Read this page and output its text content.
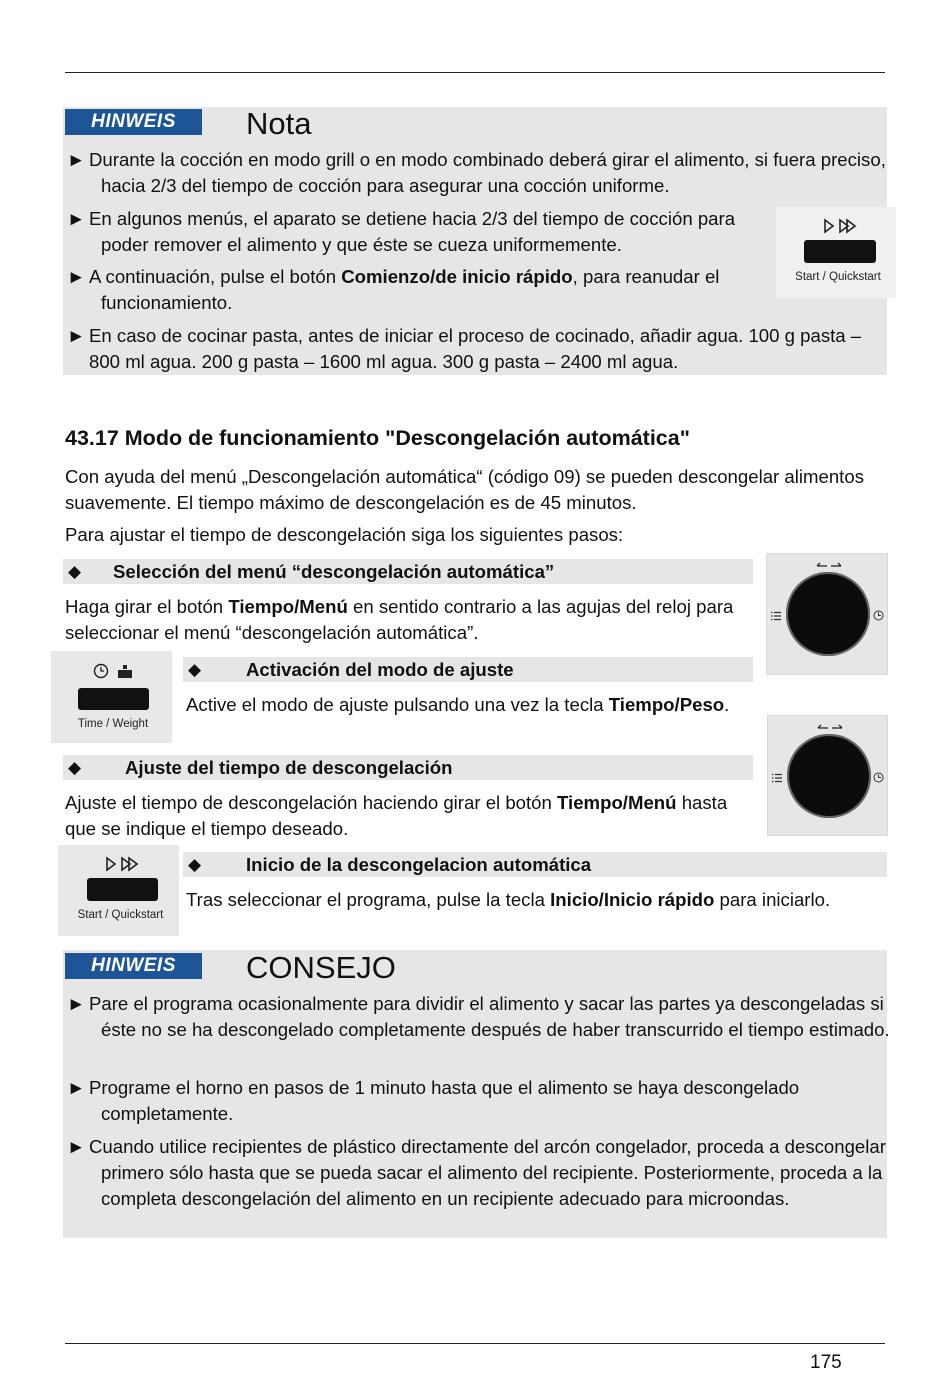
HINWEIS	Nota
► Durante la cocción en modo grill o en modo combinado deberá girar el alimento, si fuera preciso, hacia 2/3 del tiempo de cocción para asegurar una cocción uniforme.
► En algunos menús, el aparato se detiene hacia 2/3 del tiempo de cocción para poder remover el alimento y que éste se cueza uniformemente.
► A continuación, pulse el botón Comienzo/de inicio rápido, para reanudar el funcionamiento.
► En caso de cocinar pasta, antes de iniciar el proceso de cocinado, añadir agua. 100 g pasta – 800 ml agua. 200 g pasta – 1600 ml agua. 300 g pasta – 2400 ml agua.
Start / Quickstart
43.17 Modo de funcionamiento "Descongelación automática"
Con ayuda del menú „Descongelación automática“ (código 09) se pueden descongelar alimentos suavemente. El tiempo máximo de descongelación es de 45 minutos.
Para ajustar el tiempo de descongelación siga los siguientes pasos:
◆ Selección del menú “descongelación automática”
Haga girar el botón Tiempo/Menú en sentido contrario a las agujas del reloj para seleccionar el menú “descongelación automática”.
Time / Weight
◆ Activación del modo de ajuste
Active el modo de ajuste pulsando una vez la tecla Tiempo/Peso.
◆ Ajuste del tiempo de descongelación
Ajuste el tiempo de descongelación haciendo girar el botón Tiempo/Menú hasta que se indique el tiempo deseado.
Start / Quickstart
◆ Inicio de la descongelacion automática
Tras seleccionar el programa, pulse la tecla Inicio/Inicio rápido para iniciarlo.
HINWEIS	CONSEJO
► Pare el programa ocasionalmente para dividir el alimento y sacar las partes ya descongeladas si éste no se ha descongelado completamente después de haber transcurrido el tiempo estimado.
► Programe el horno en pasos de 1 minuto hasta que el alimento se haya descongelado completamente.
► Cuando utilice recipientes de plástico directamente del arcón congelador, proceda a descongelar primero sólo hasta que se pueda sacar el alimento del recipiente. Posteriormente, proceda a la completa descongelación del alimento en un recipiente adecuado para microondas.
175
